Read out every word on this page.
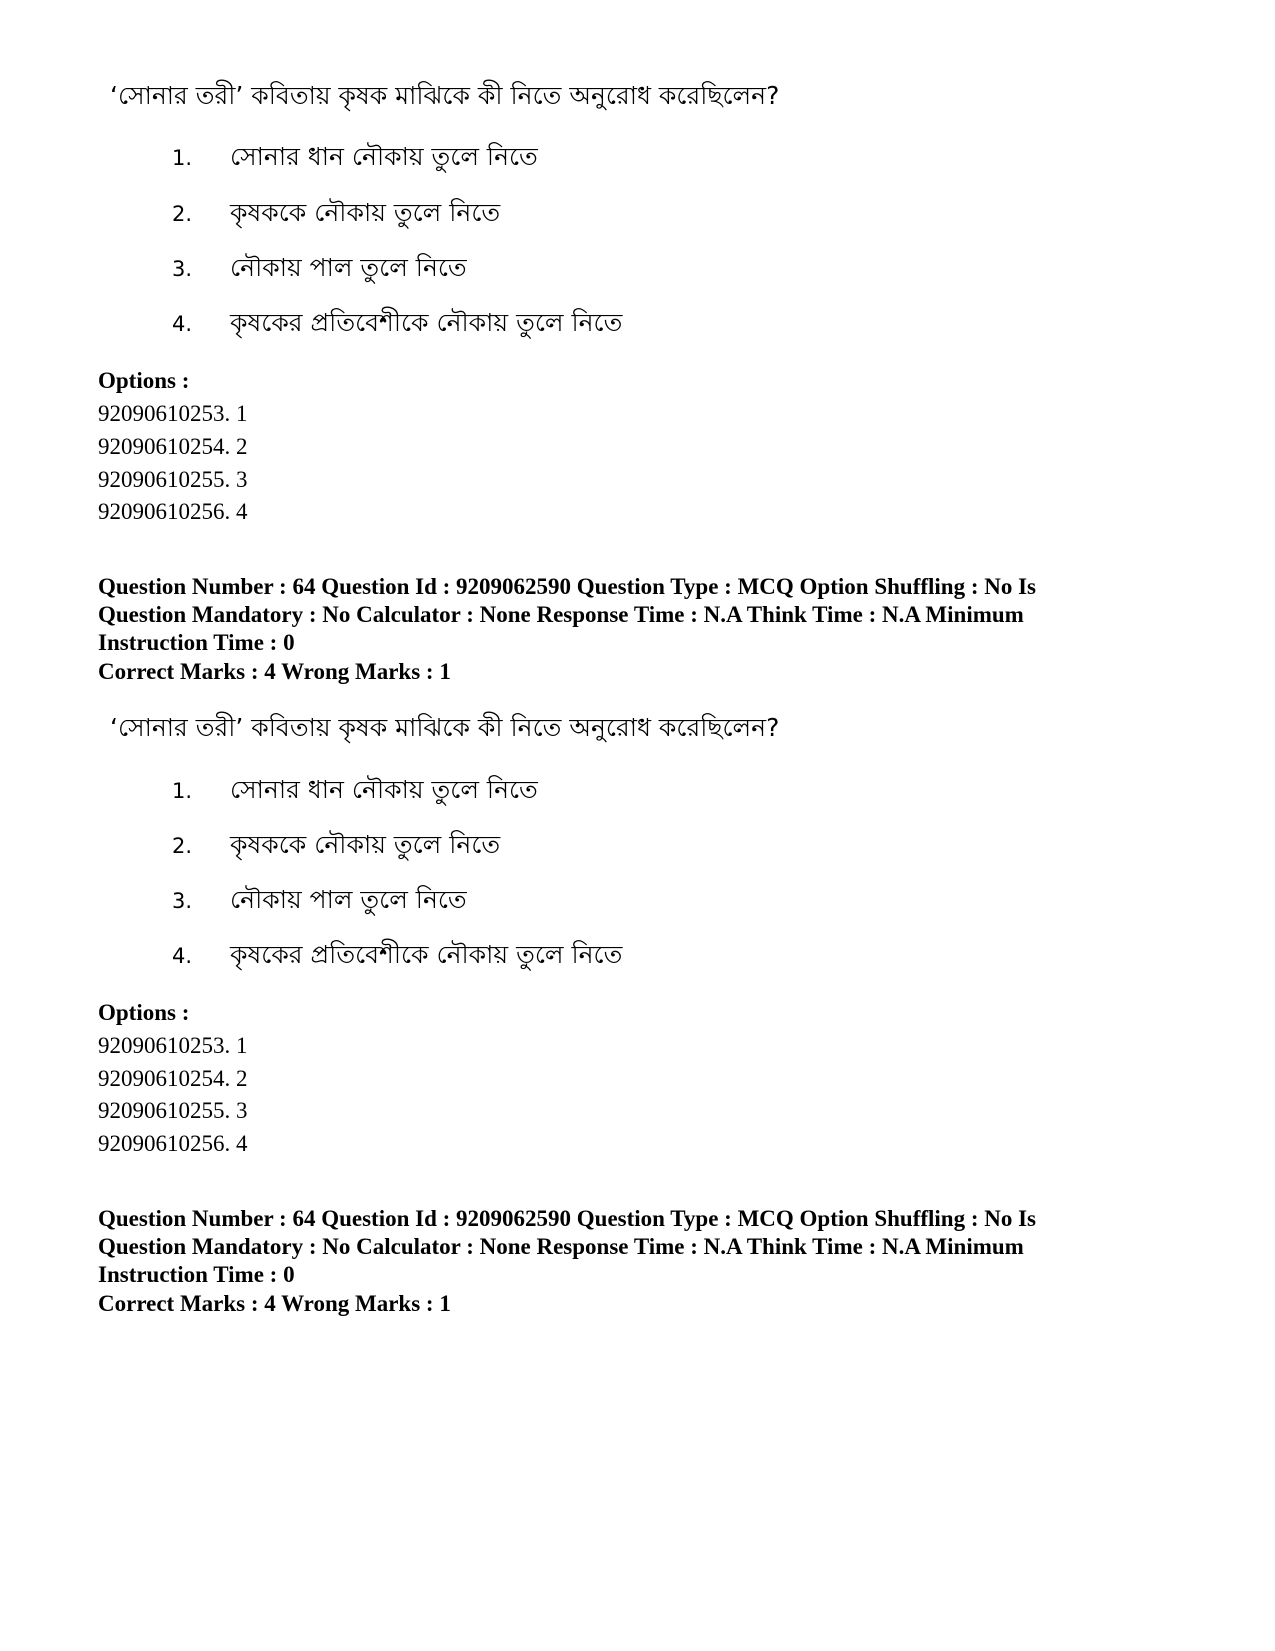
‘সোনার তরী’ কবিতায় কৃষক মাঝিকে কী নিতে অনুরোধ করেছিলেন?
1. সোনার ধান নৌকায় তুলে নিতে
2. কৃষককে নৌকায় তুলে নিতে
3. নৌকায় পাল তুলে নিতে
4. কৃষকের প্রতিবেশীকে নৌকায় তুলে নিতে
Options :
92090610253. 1
92090610254. 2
92090610255. 3
92090610256. 4
Question Number : 64 Question Id : 9209062590 Question Type : MCQ Option Shuffling : No Is Question Mandatory : No Calculator : None Response Time : N.A Think Time : N.A Minimum Instruction Time : 0
Correct Marks : 4 Wrong Marks : 1
‘সোনার তরী’ কবিতায় কৃষক মাঝিকে কী নিতে অনুরোধ করেছিলেন?
1. সোনার ধান নৌকায় তুলে নিতে
2. কৃষককে নৌকায় তুলে নিতে
3. নৌকায় পাল তুলে নিতে
4. কৃষকের প্রতিবেশীকে নৌকায় তুলে নিতে
Options :
92090610253. 1
92090610254. 2
92090610255. 3
92090610256. 4
Question Number : 64 Question Id : 9209062590 Question Type : MCQ Option Shuffling : No Is Question Mandatory : No Calculator : None Response Time : N.A Think Time : N.A Minimum Instruction Time : 0
Correct Marks : 4 Wrong Marks : 1
